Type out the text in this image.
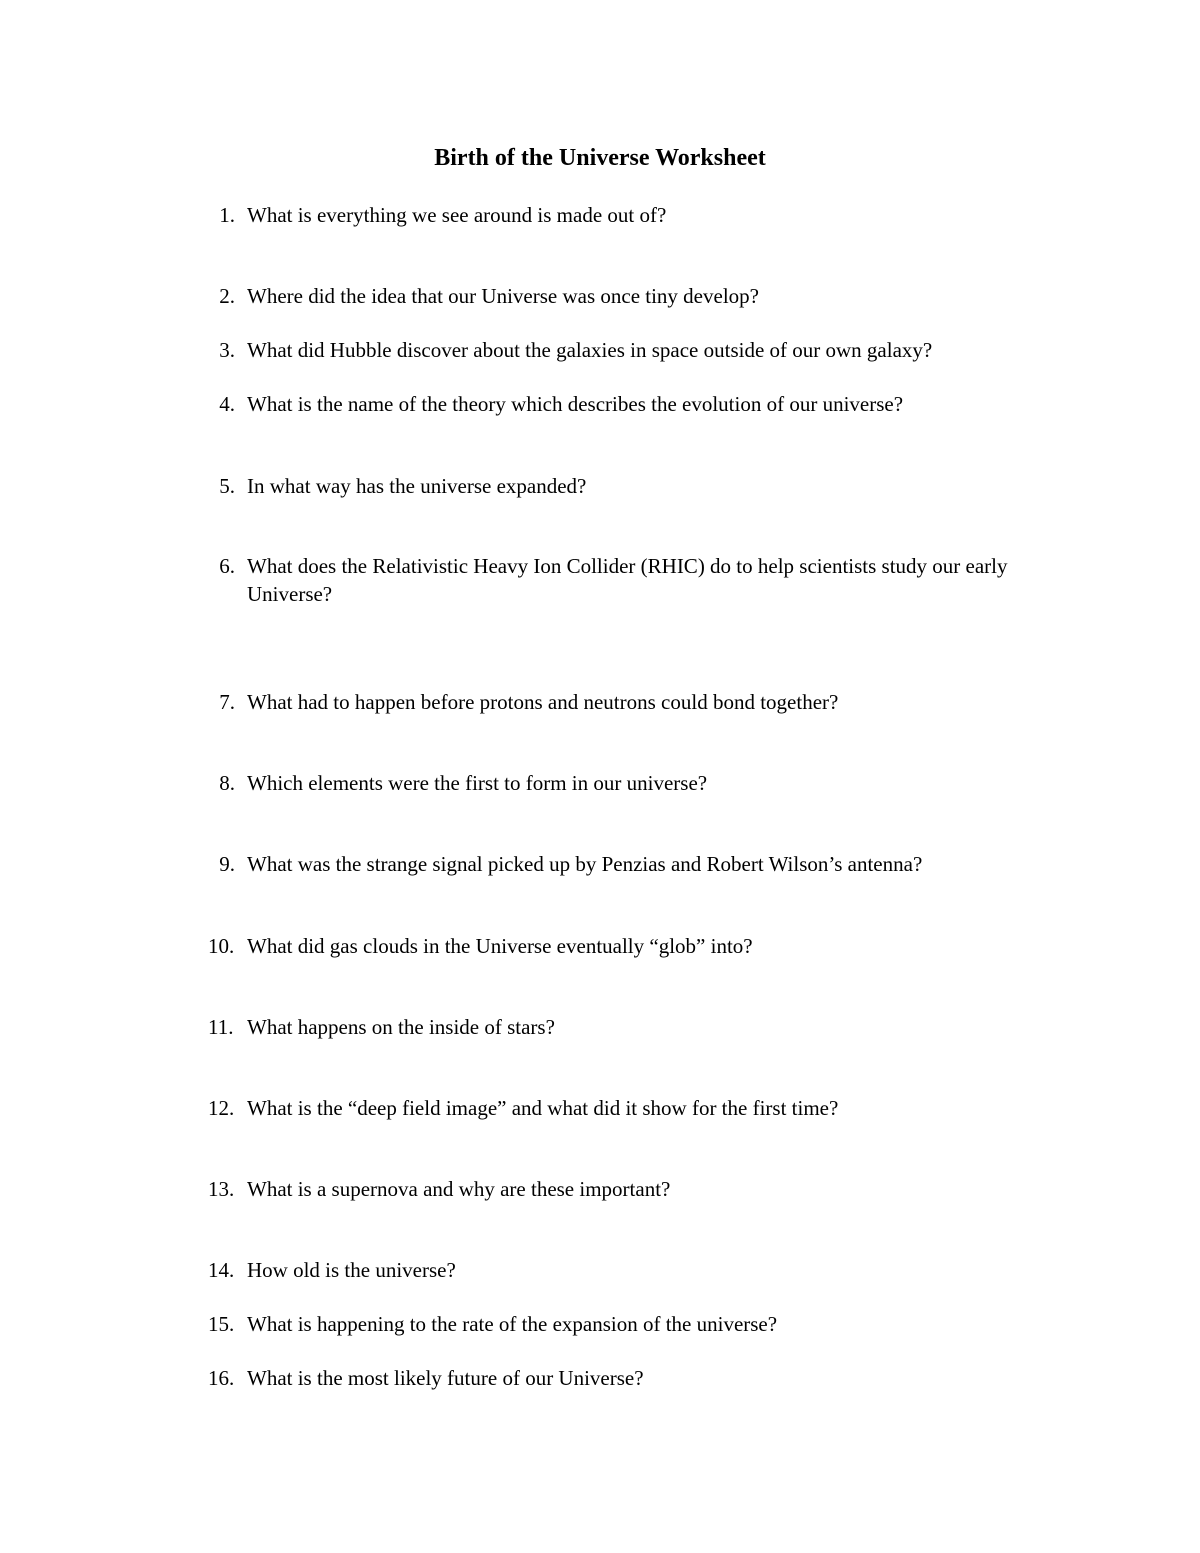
Birth of the Universe Worksheet
1. What is everything we see around is made out of?
2. Where did the idea that our Universe was once tiny develop?
3. What did Hubble discover about the galaxies in space outside of our own galaxy?
4. What is the name of the theory which describes the evolution of our universe?
5. In what way has the universe expanded?
6. What does the Relativistic Heavy Ion Collider (RHIC) do to help scientists study our early Universe?
7. What had to happen before protons and neutrons could bond together?
8. Which elements were the first to form in our universe?
9. What was the strange signal picked up by Penzias and Robert Wilson’s antenna?
10. What did gas clouds in the Universe eventually “glob” into?
11. What happens on the inside of stars?
12. What is the “deep field image” and what did it show for the first time?
13. What is a supernova and why are these important?
14. How old is the universe?
15. What is happening to the rate of the expansion of the universe?
16. What is the most likely future of our Universe?
